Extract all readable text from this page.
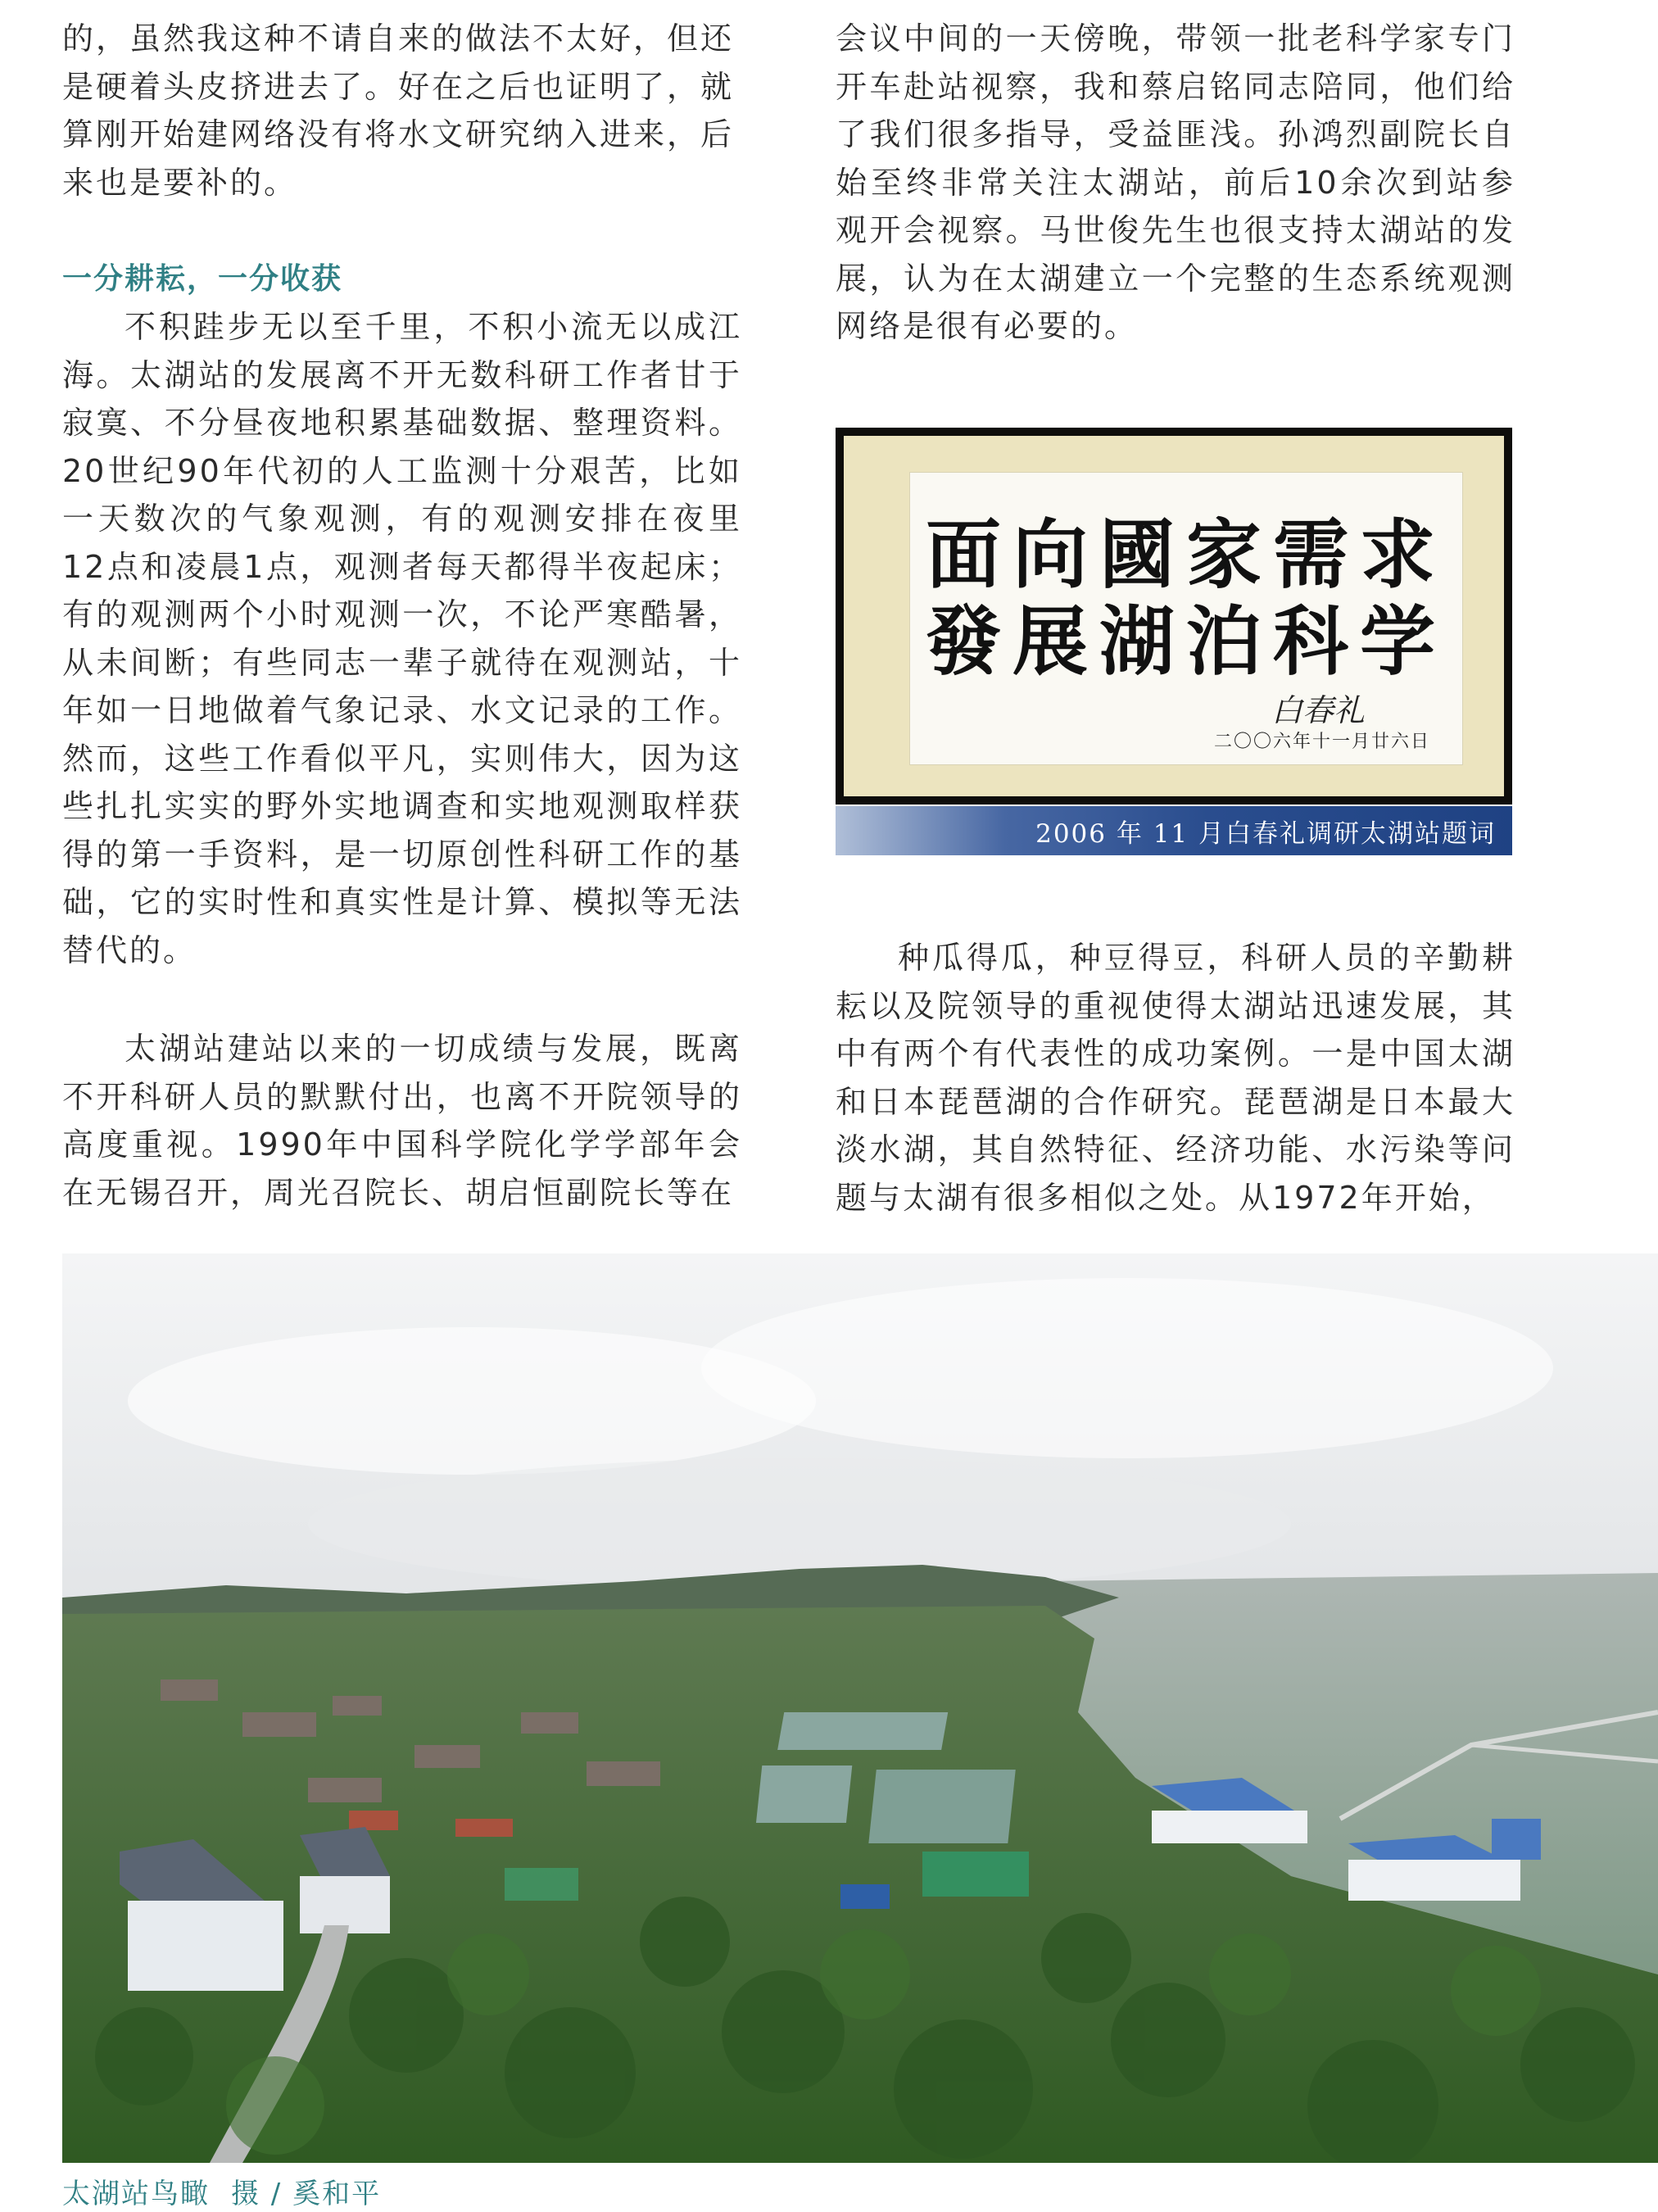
的，虽然我这种不请自来的做法不太好，但还
是硬着头皮挤进去了。好在之后也证明了，就
算刚开始建网络没有将水文研究纳入进来，后
来也是要补的。

一分耕耘，一分收获

不积跬步无以至千里，不积小流无以成江海。太湖站的发展离不开无数科研工作者甘于寂寞、不分昼夜地积累基础数据、整理资料。20世纪90年代初的人工监测十分艰苦，比如一天数次的气象观测，有的观测安排在夜里12点和凌晨1点，观测者每天都得半夜起床；有的观测两个小时观测一次，不论严寒酷暑，从未间断；有些同志一辈子就待在观测站，十年如一日地做着气象记录、水文记录的工作。然而，这些工作看似平凡，实则伟大，因为这些扎扎实实的野外实地调查和实地观测取样获得的第一手资料，是一切原创性科研工作的基础，它的实时性和真实性是计算、模拟等无法替代的。

太湖站建站以来的一切成绩与发展，既离不开科研人员的默默付出，也离不开院领导的高度重视。1990年中国科学院化学学部年会在无锡召开，周光召院长、胡启恒副院长等在

会议中间的一天傍晚，带领一批老科学家专门开车赴站视察，我和蔡启铭同志陪同，他们给了我们很多指导，受益匪浅。孙鸿烈副院长自始至终非常关注太湖站，前后10余次到站参观开会视察。马世俊先生也很支持太湖站的发展，认为在太湖建立一个完整的生态系统观测网络是很有必要的。

面向國家需求
發展湖泊科学
白春礼
二〇〇六年十一月廿六日
2006 年 11 月白春礼调研太湖站题词

种瓜得瓜，种豆得豆，科研人员的辛勤耕耘以及院领导的重视使得太湖站迅速发展，其中有两个有代表性的成功案例。一是中国太湖和日本琵琶湖的合作研究。琵琶湖是日本最大淡水湖，其自然特征、经济功能、水污染等问题与太湖有很多相似之处。从1972年开始，

太湖站鸟瞰 摄 / 奚和平
